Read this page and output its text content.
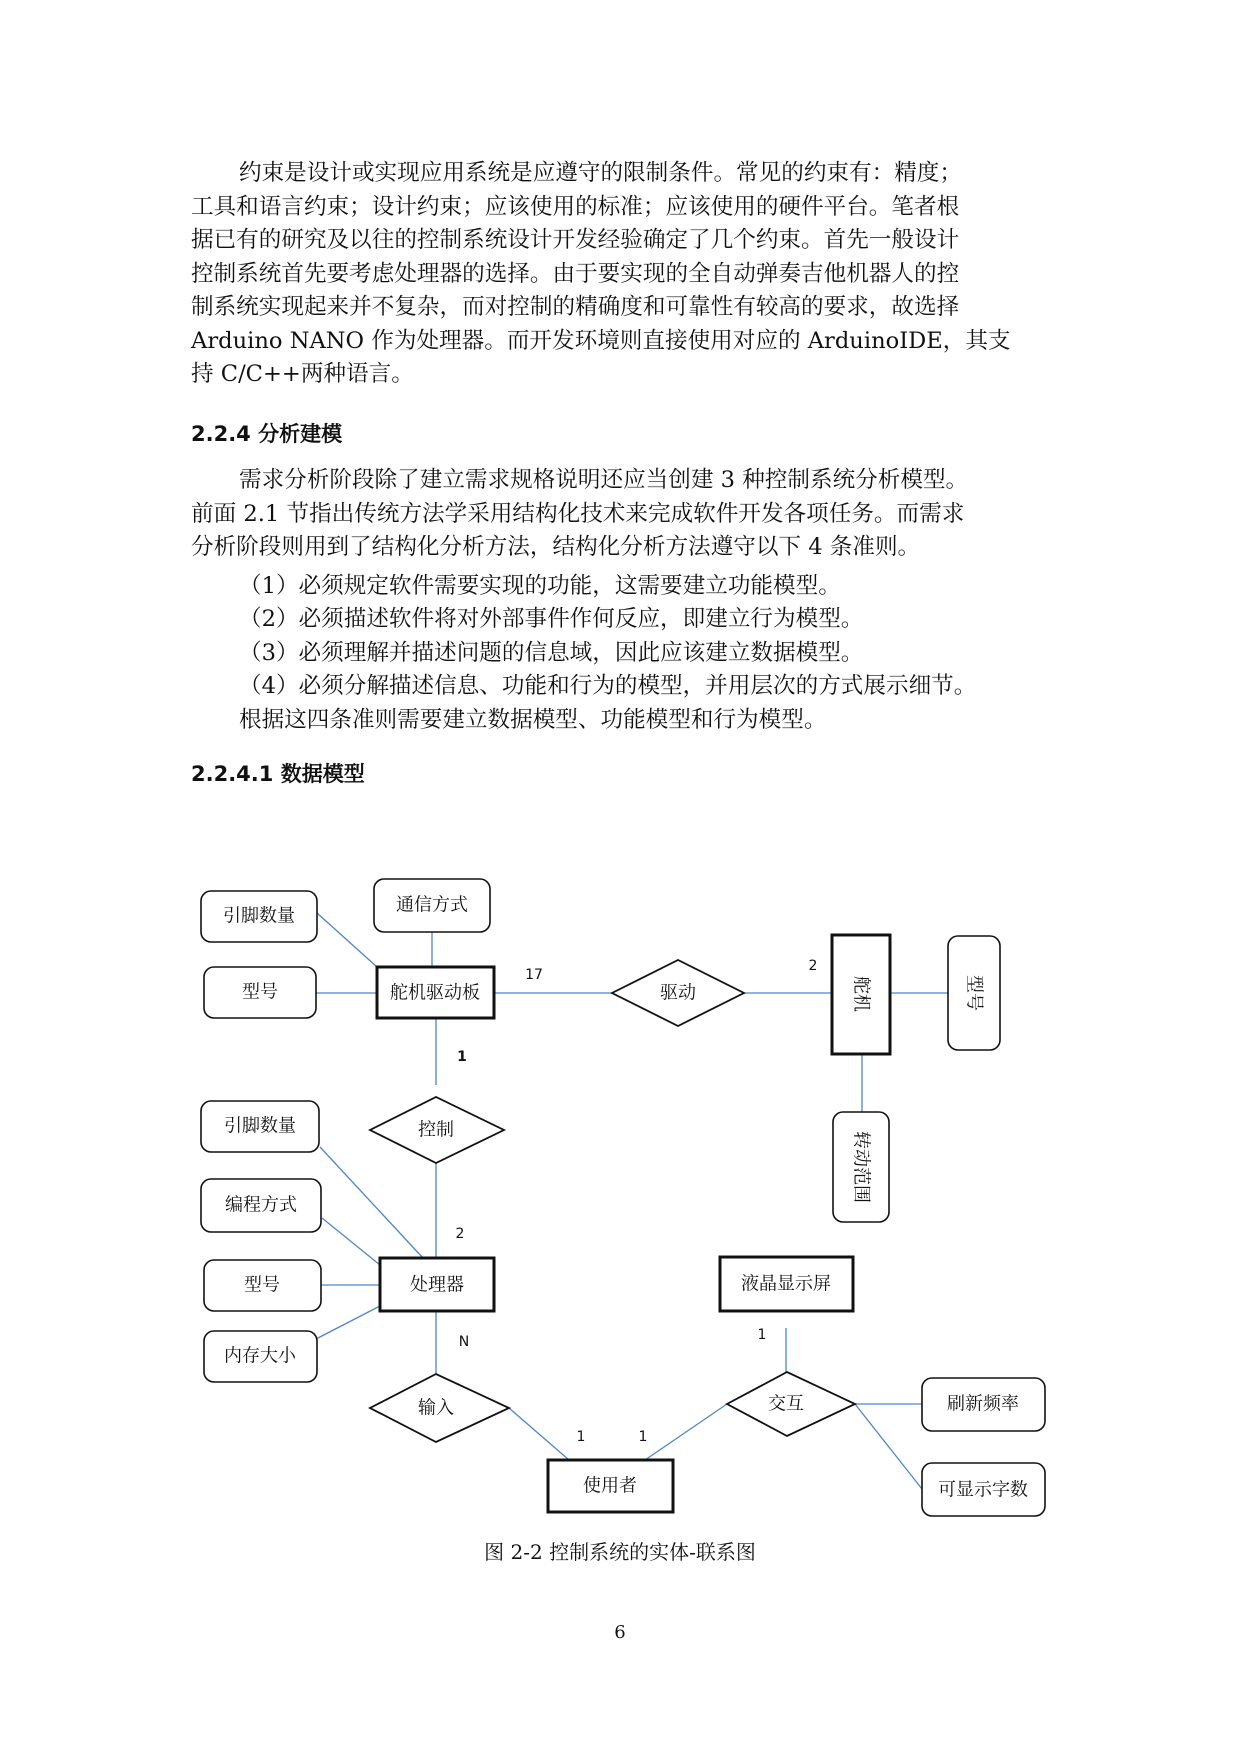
约束是设计或实现应用系统是应遵守的限制条件。常见的约束有：精度；
工具和语言约束；设计约束；应该使用的标准；应该使用的硬件平台。笔者根
据已有的研究及以往的控制系统设计开发经验确定了几个约束。首先一般设计
控制系统首先要考虑处理器的选择。由于要实现的全自动弹奏吉他机器人的控
制系统实现起来并不复杂，而对控制的精确度和可靠性有较高的要求，故选择
Arduino NANO 作为处理器。而开发环境则直接使用对应的 ArduinoIDE，其支
持 C/C++两种语言。
2.2.4 分析建模
需求分析阶段除了建立需求规格说明还应当创建 3 种控制系统分析模型。
前面 2.1 节指出传统方法学采用结构化技术来完成软件开发各项任务。而需求
分析阶段则用到了结构化分析方法，结构化分析方法遵守以下 4 条准则。
（1）必须规定软件需要实现的功能，这需要建立功能模型。
（2）必须描述软件将对外部事件作何反应，即建立行为模型。
（3）必须理解并描述问题的信息域，因此应该建立数据模型。
（4）必须分解描述信息、功能和行为的模型，并用层次的方式展示细节。
根据这四条准则需要建立数据模型、功能模型和行为模型。
2.2.4.1 数据模型
引脚数量
通信方式
型号	舵机驱动板	驱动	舵机	型号
转动范围
控制
引脚数量
编程方式
型号
内存大小
处理器	液晶显示屏
输入	交互	刷新频率
可显示字数
使用者
17
2
1
2
N
1	1
1
图 2-2 控制系统的实体-联系图
6
